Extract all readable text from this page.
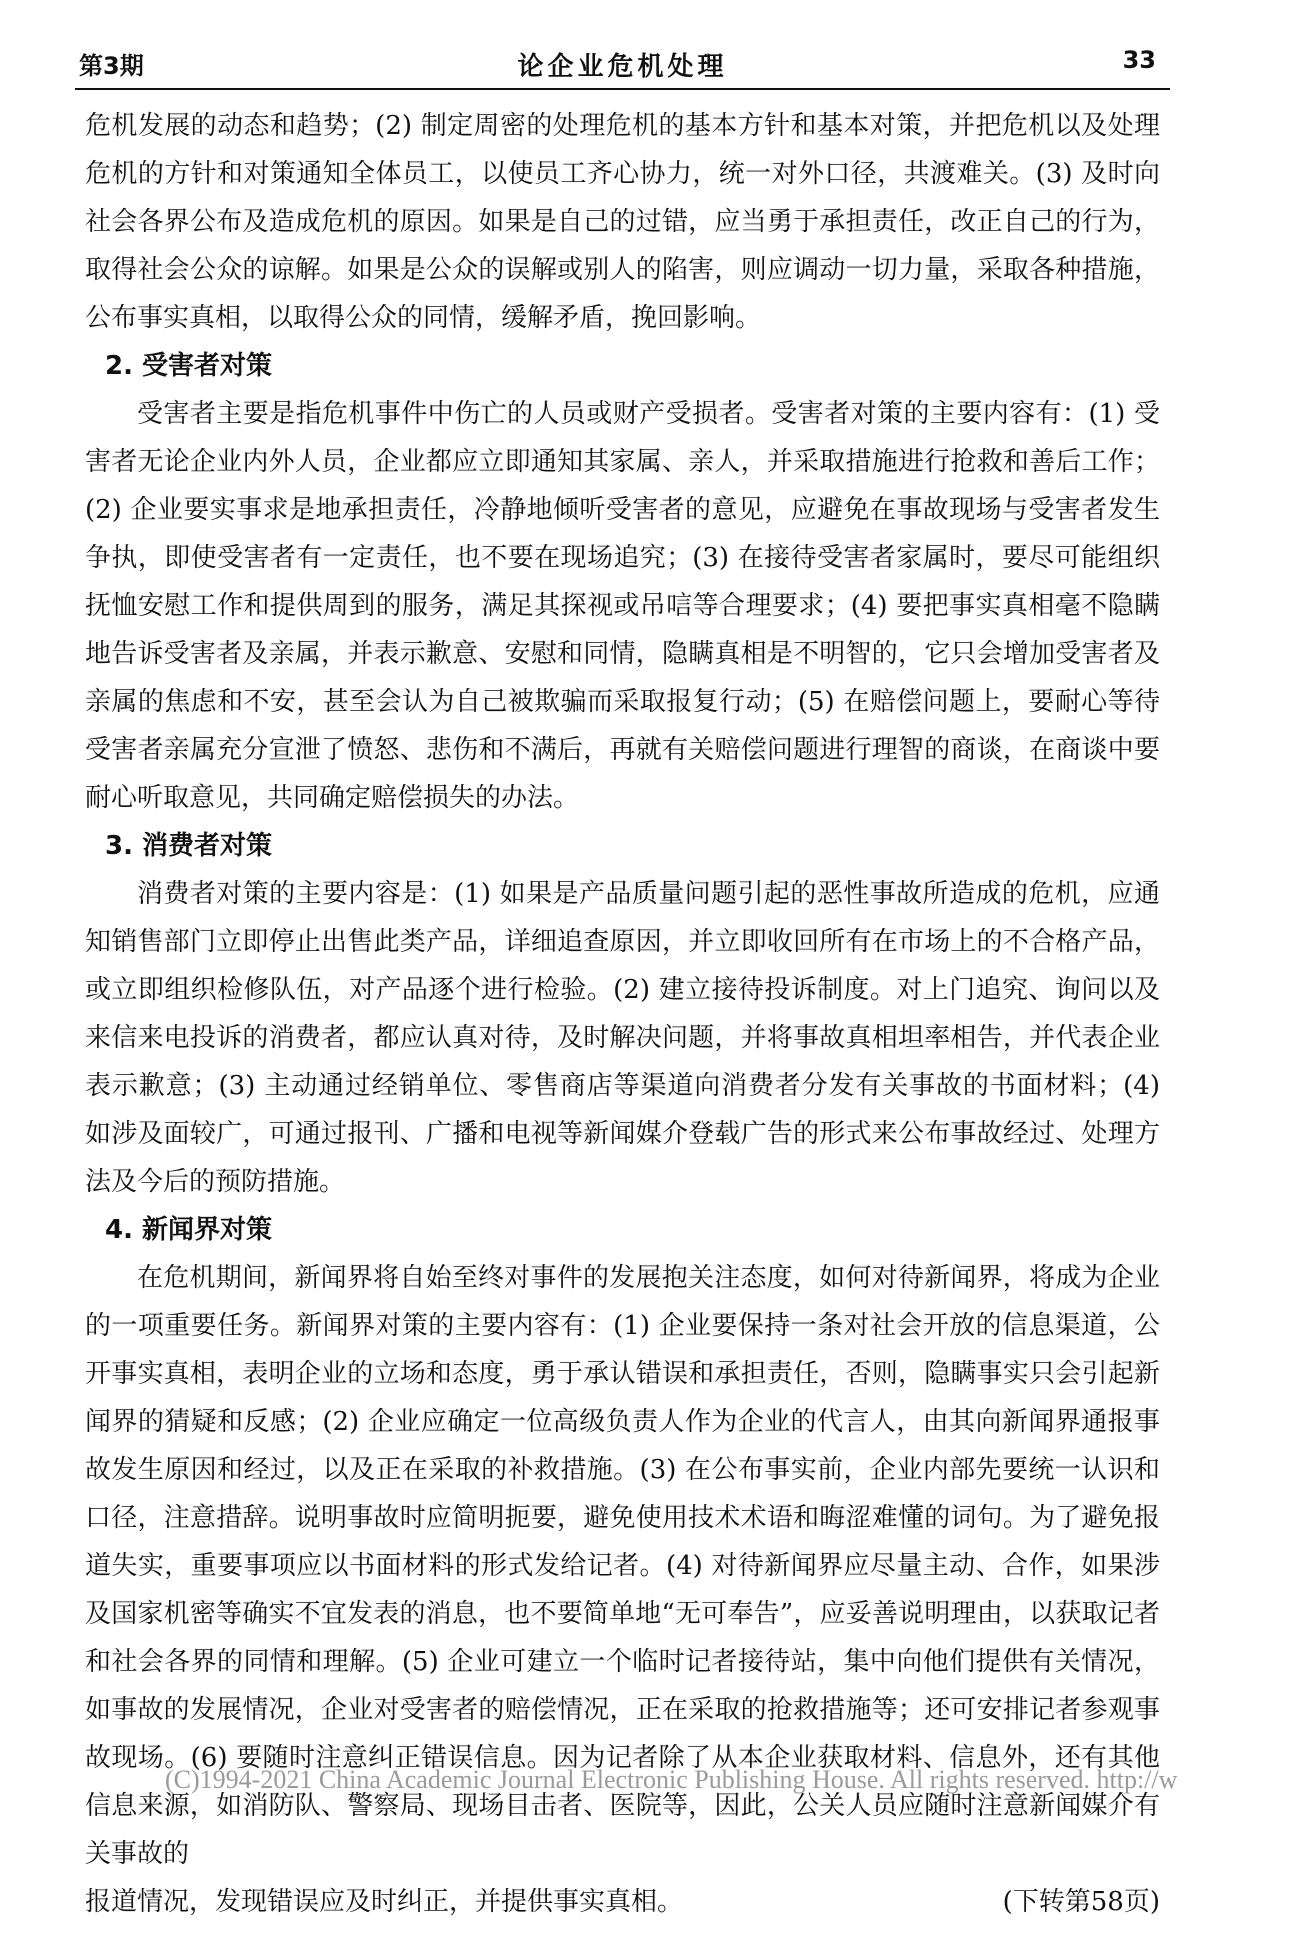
第3期	论企业危机处理	33

危机发展的动态和趋势；(2) 制定周密的处理危机的基本方针和基本对策，并把危机以及处理危机的方针和对策通知全体员工，以使员工齐心协力，统一对外口径，共渡难关。(3) 及时向社会各界公布及造成危机的原因。如果是自己的过错，应当勇于承担责任，改正自己的行为，取得社会公众的谅解。如果是公众的误解或别人的陷害，则应调动一切力量，采取各种措施，公布事实真相，以取得公众的同情，缓解矛盾，挽回影响。

2. 受害者对策

受害者主要是指危机事件中伤亡的人员或财产受损者。受害者对策的主要内容有：(1) 受害者无论企业内外人员，企业都应立即通知其家属、亲人，并采取措施进行抢救和善后工作；(2) 企业要实事求是地承担责任，冷静地倾听受害者的意见，应避免在事故现场与受害者发生争执，即使受害者有一定责任，也不要在现场追究；(3) 在接待受害者家属时，要尽可能组织抚恤安慰工作和提供周到的服务，满足其探视或吊唁等合理要求；(4) 要把事实真相毫不隐瞒地告诉受害者及亲属，并表示歉意、安慰和同情，隐瞒真相是不明智的，它只会增加受害者及亲属的焦虑和不安，甚至会认为自己被欺骗而采取报复行动；(5) 在赔偿问题上，要耐心等待受害者亲属充分宣泄了愤怒、悲伤和不满后，再就有关赔偿问题进行理智的商谈，在商谈中要耐心听取意见，共同确定赔偿损失的办法。

3. 消费者对策

消费者对策的主要内容是：(1) 如果是产品质量问题引起的恶性事故所造成的危机，应通知销售部门立即停止出售此类产品，详细追查原因，并立即收回所有在市场上的不合格产品，或立即组织检修队伍，对产品逐个进行检验。(2) 建立接待投诉制度。对上门追究、询问以及来信来电投诉的消费者，都应认真对待，及时解决问题，并将事故真相坦率相告，并代表企业表示歉意；(3) 主动通过经销单位、零售商店等渠道向消费者分发有关事故的书面材料；(4) 如涉及面较广，可通过报刊、广播和电视等新闻媒介登载广告的形式来公布事故经过、处理方法及今后的预防措施。

4. 新闻界对策

在危机期间，新闻界将自始至终对事件的发展抱关注态度，如何对待新闻界，将成为企业的一项重要任务。新闻界对策的主要内容有：(1) 企业要保持一条对社会开放的信息渠道，公开事实真相，表明企业的立场和态度，勇于承认错误和承担责任，否则，隐瞒事实只会引起新闻界的猜疑和反感；(2) 企业应确定一位高级负责人作为企业的代言人，由其向新闻界通报事故发生原因和经过，以及正在采取的补救措施。(3) 在公布事实前，企业内部先要统一认识和口径，注意措辞。说明事故时应简明扼要，避免使用技术术语和晦涩难懂的词句。为了避免报道失实，重要事项应以书面材料的形式发给记者。(4) 对待新闻界应尽量主动、合作，如果涉及国家机密等确实不宜发表的消息，也不要简单地“无可奉告”，应妥善说明理由，以获取记者和社会各界的同情和理解。(5) 企业可建立一个临时记者接待站，集中向他们提供有关情况，如事故的发展情况，企业对受害者的赔偿情况，正在采取的抢救措施等；还可安排记者参观事故现场。(6) 要随时注意纠正错误信息。因为记者除了从本企业获取材料、信息外，还有其他信息来源，如消防队、警察局、现场目击者、医院等，因此，公关人员应随时注意新闻媒介有关事故的

报道情况，发现错误应及时纠正，并提供事实真相。	(下转第58页)
(C)1994-2021 China Academic Journal Electronic Publishing House. All rights reserved. http://w
